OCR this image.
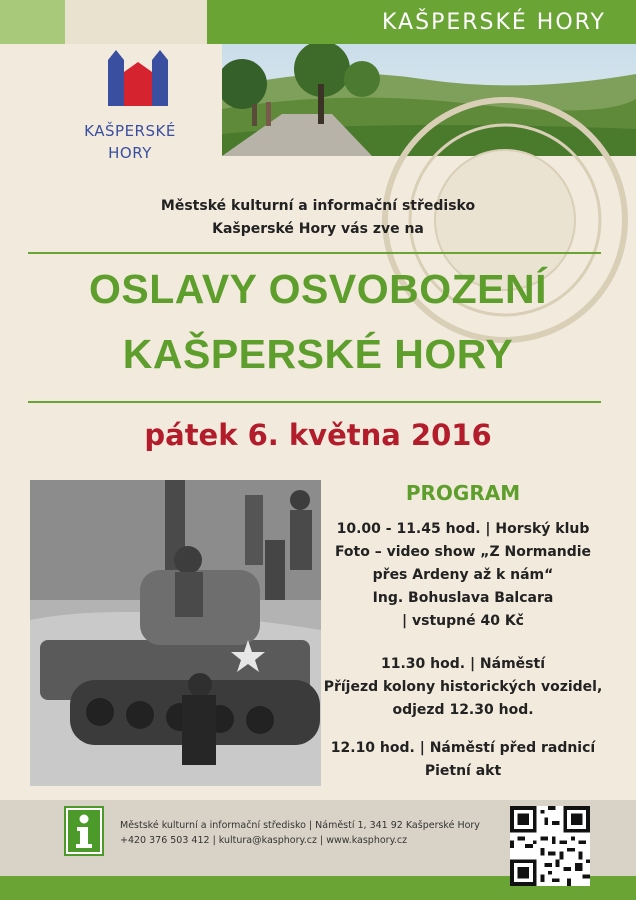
KAŠPERSKÉ HORY
KAŠPERSKÉ
HORY
Městské kulturní a informační středisko
Kašperské Hory vás zve na
OSLAVY OSVOBOZENÍ
KAŠPERSKÉ HORY
pátek 6. května 2016
PROGRAM
10.00 - 11.45 hod. | Horský klub
Foto – video show „Z Normandie
přes Ardeny až k nám“
Ing. Bohuslava Balcara
| vstupné 40 Kč
11.30 hod. | Náměstí
Příjezd kolony historických vozidel,
odjezd 12.30 hod.
12.10 hod. | Náměstí před radnicí
Pietní akt
Městské kulturní a informační středisko | Náměstí 1, 341 92 Kašperské Hory
+420 376 503 412 | kultura@kasphory.cz | www.kasphory.cz
